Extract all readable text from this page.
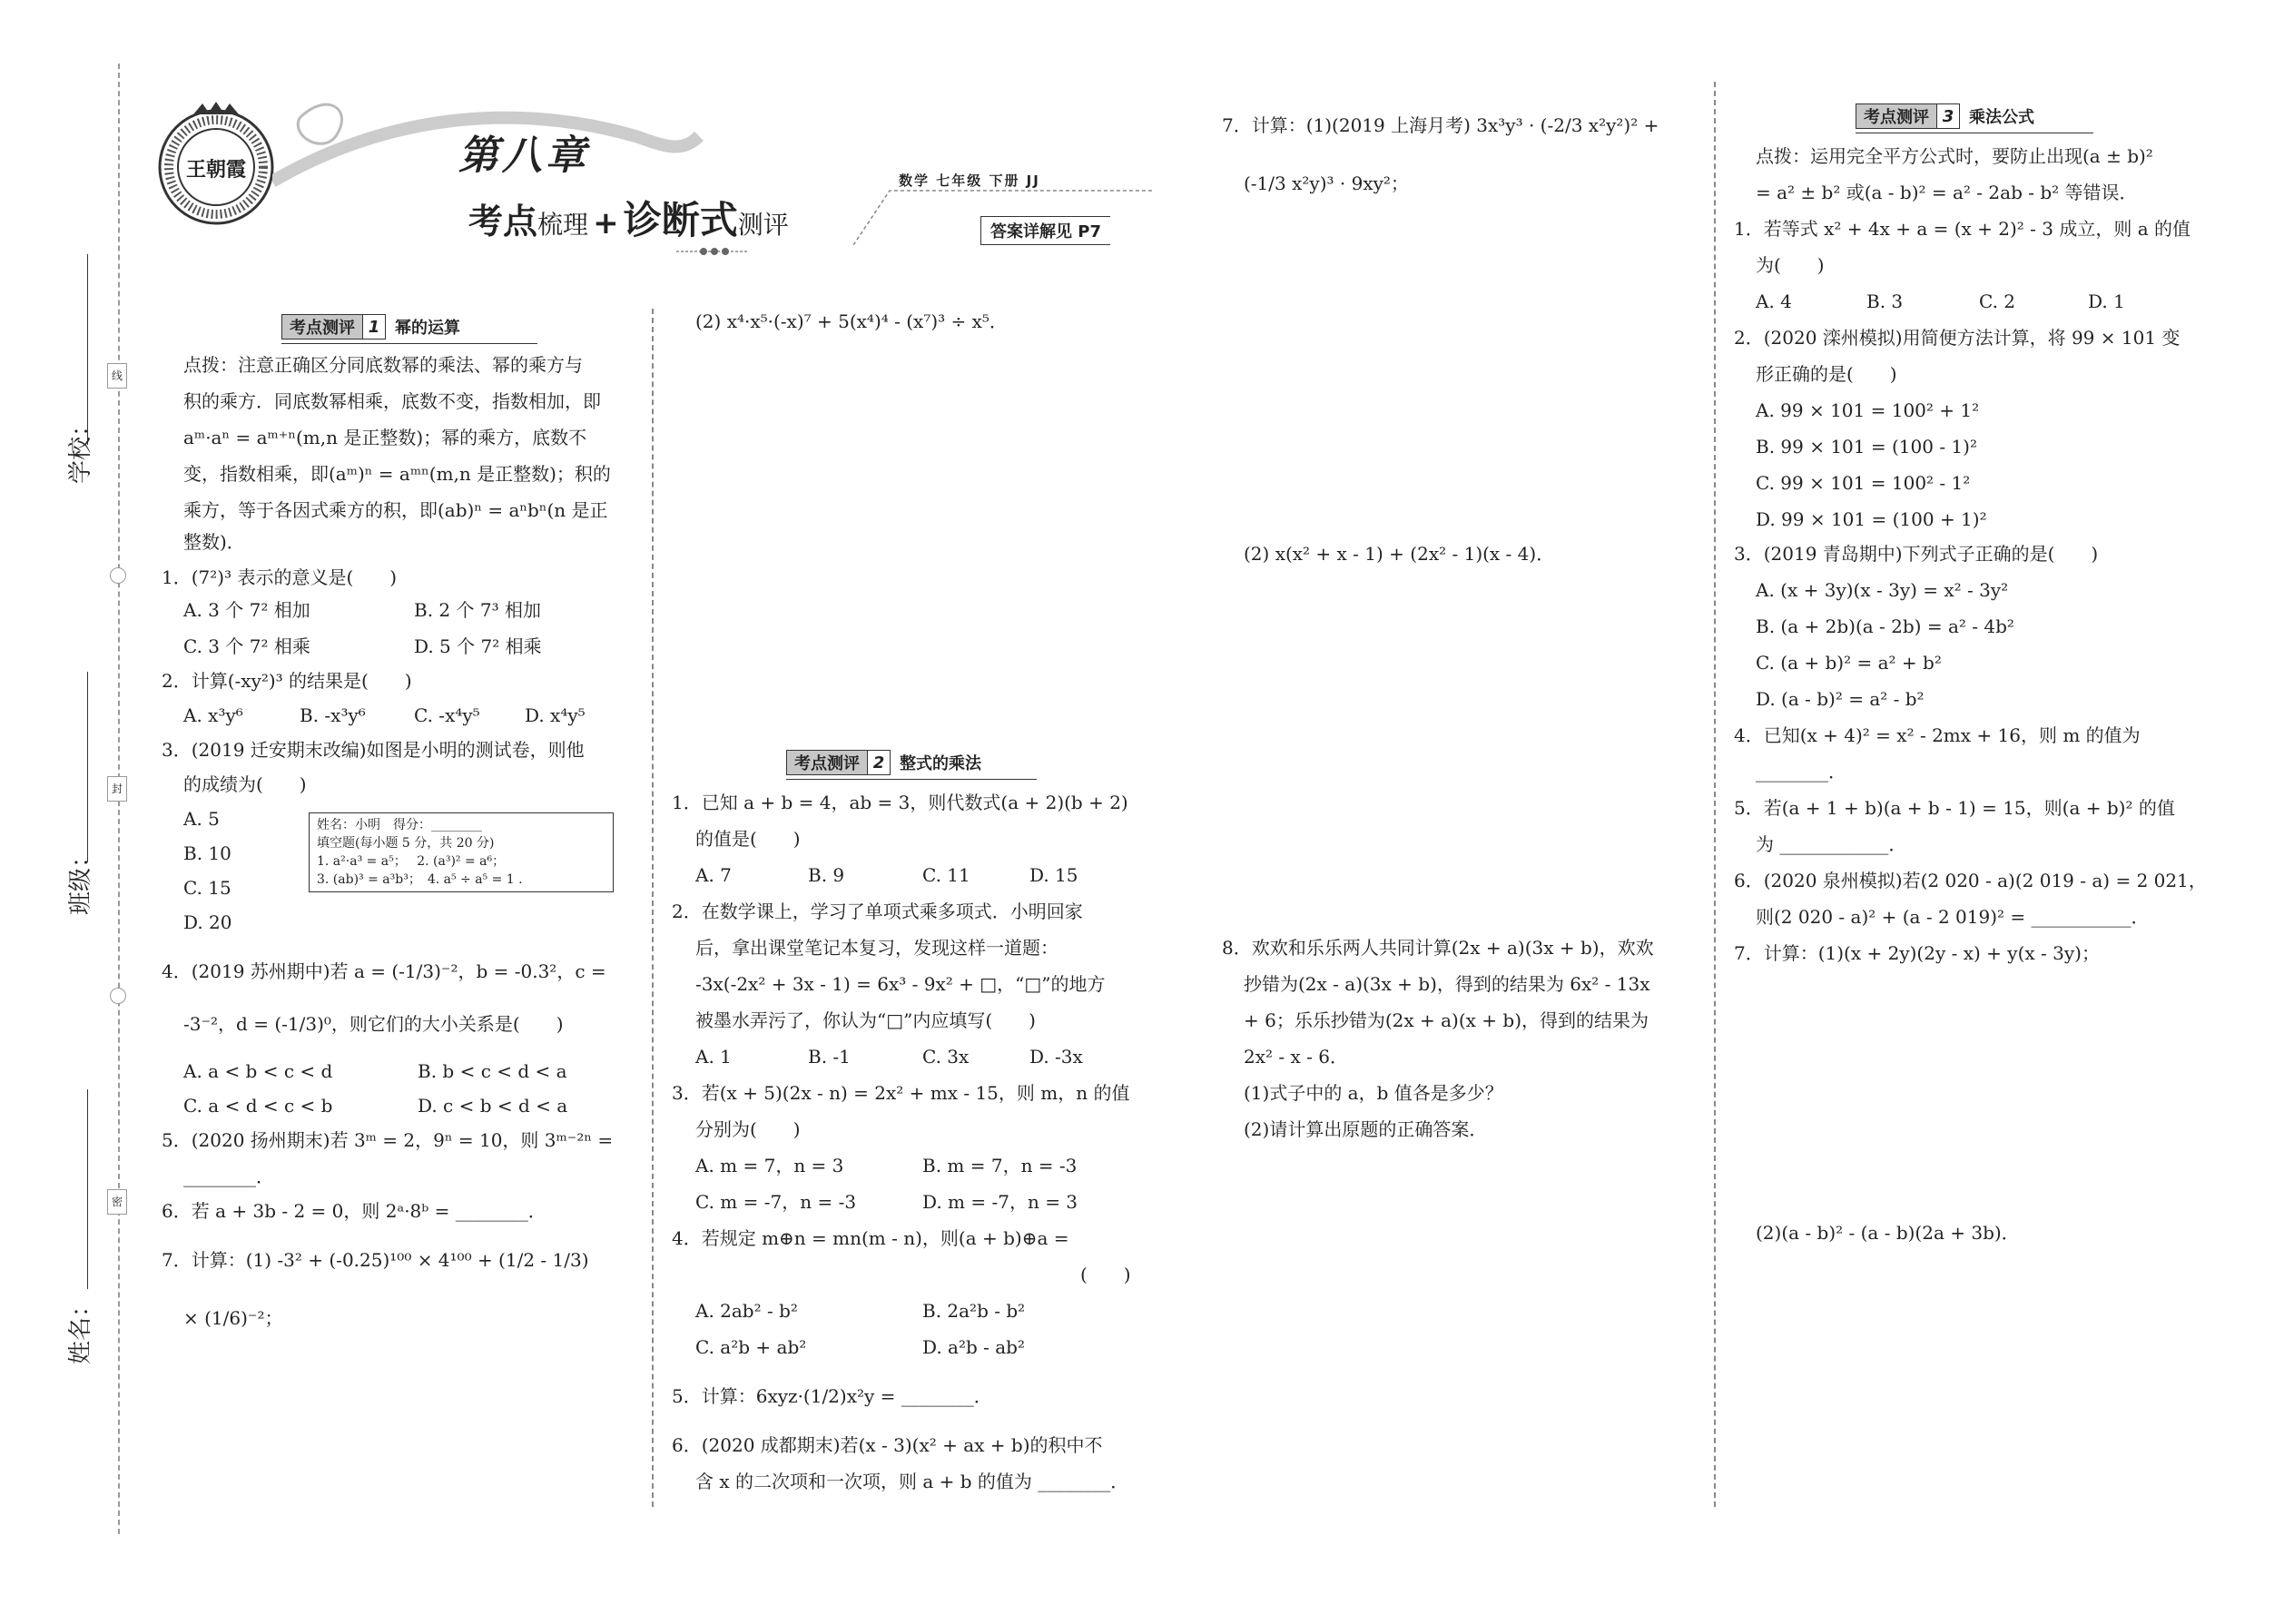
线
封
密
学校：
班级：
姓名：
王朝霞	第八章
考点梳理 + 诊断式测评
数学 七年级 下册 JJ
答案详解见 P7
考点测评 1 幂的运算
点拨：注意正确区分同底数幂的乘法、幂的乘方与
积的乘方．同底数幂相乘，底数不变，指数相加，即
aᵐ·aⁿ = aᵐ⁺ⁿ(m,n 是正整数)；幂的乘方，底数不
变，指数相乘，即(aᵐ)ⁿ = aᵐⁿ(m,n 是正整数)；积的
乘方，等于各因式乘方的积，即(ab)ⁿ = aⁿbⁿ(n 是正
整数)．
1．(7²)³ 表示的意义是(　　)
A. 3 个 7² 相加	B. 2 个 7³ 相加
C. 3 个 7² 相乘	D. 5 个 7² 相乘
2．计算(-xy²)³ 的结果是(　　)
A. x³y⁶	B. -x³y⁶	C. -x⁴y⁵ D. x⁴y⁵
3．(2019 迁安期末改编)如图是小明的测试卷，则他
的成绩为(　　)
A. 5
B. 10
C. 15
D. 20
姓名：小明　得分：________
填空题(每小题 5 分，共 20 分)
1. a²·a³ = a⁵；　 2. (a³)² = a⁶；
3. (ab)³ = a³b³；　4. a⁵ ÷ a⁵ = 1 .
4．(2019 苏州期中)若 a = (-1/3)⁻²，b = -0.3²，c =
-3⁻²，d = (-1/3)⁰，则它们的大小关系是(　　)
A. a < b < c < d	B. b < c < d < a
C. a < d < c < b	D. c < b < d < a
5．(2020 扬州期末)若 3ᵐ = 2，9ⁿ = 10，则 3ᵐ⁻²ⁿ =
________．
6．若 a + 3b - 2 = 0，则 2ᵃ·8ᵇ = ________．
7．计算：(1) -3² + (-0.25)¹⁰⁰ × 4¹⁰⁰ + (1/2 - 1/3)
× (1/6)⁻²；
(2) x⁴·x⁵·(-x)⁷ + 5(x⁴)⁴ - (x⁷)³ ÷ x⁵．
考点测评 2 整式的乘法
1．已知 a + b = 4，ab = 3，则代数式(a + 2)(b + 2)
的值是(　　)
A. 7	B. 9	C. 11	D. 15
2．在数学课上，学习了单项式乘多项式．小明回家
后，拿出课堂笔记本复习，发现这样一道题：
-3x(-2x² + 3x - 1) = 6x³ - 9x² + □，“□”的地方
被墨水弄污了，你认为“□”内应填写(　　)
A. 1	B. -1	C. 3x	D. -3x
3．若(x + 5)(2x - n) = 2x² + mx - 15，则 m，n 的值
分别为(　　)
A. m = 7，n = 3	B. m = 7，n = -3
C. m = -7，n = -3	D. m = -7，n = 3
4．若规定 m⊕n = mn(m - n)，则(a + b)⊕a =
(　　)
A. 2ab² - b²	B. 2a²b - b²
C. a²b + ab²	D. a²b - ab²
5．计算：6xyz·(1/2)x²y = ________．
6．(2020 成都期末)若(x - 3)(x² + ax + b)的积中不
含 x 的二次项和一次项，则 a + b 的值为 ________．
7．计算：(1)(2019 上海月考) 3x³y³ · (-2/3 x²y²)² +
(-1/3 x²y)³ · 9xy²；
(2) x(x² + x - 1) + (2x² - 1)(x - 4)．
8．欢欢和乐乐两人共同计算(2x + a)(3x + b)，欢欢
抄错为(2x - a)(3x + b)，得到的结果为 6x² - 13x
+ 6；乐乐抄错为(2x + a)(x + b)，得到的结果为
2x² - x - 6．
(1)式子中的 a，b 值各是多少？
(2)请计算出原题的正确答案．
考点测评 3 乘法公式
点拨：运用完全平方公式时，要防止出现(a ± b)²
= a² ± b² 或(a - b)² = a² - 2ab - b² 等错误．
1．若等式 x² + 4x + a = (x + 2)² - 3 成立，则 a 的值
为(　　)
A. 4	B. 3	C. 2	D. 1
2．(2020 滦州模拟)用简便方法计算，将 99 × 101 变
形正确的是(　　)
A. 99 × 101 = 100² + 1²
B. 99 × 101 = (100 - 1)²
C. 99 × 101 = 100² - 1²
D. 99 × 101 = (100 + 1)²
3．(2019 青岛期中)下列式子正确的是(　　)
A. (x + 3y)(x - 3y) = x² - 3y²
B. (a + 2b)(a - 2b) = a² - 4b²
C. (a + b)² = a² + b²
D. (a - b)² = a² - b²
4．已知(x + 4)² = x² - 2mx + 16，则 m 的值为
________．
5．若(a + 1 + b)(a + b - 1) = 15，则(a + b)² 的值
为 ____________．
6．(2020 泉州模拟)若(2 020 - a)(2 019 - a) = 2 021，
则(2 020 - a)² + (a - 2 019)² = ___________．
7．计算：(1)(x + 2y)(2y - x) + y(x - 3y)；
(2)(a - b)² - (a - b)(2a + 3b)．
